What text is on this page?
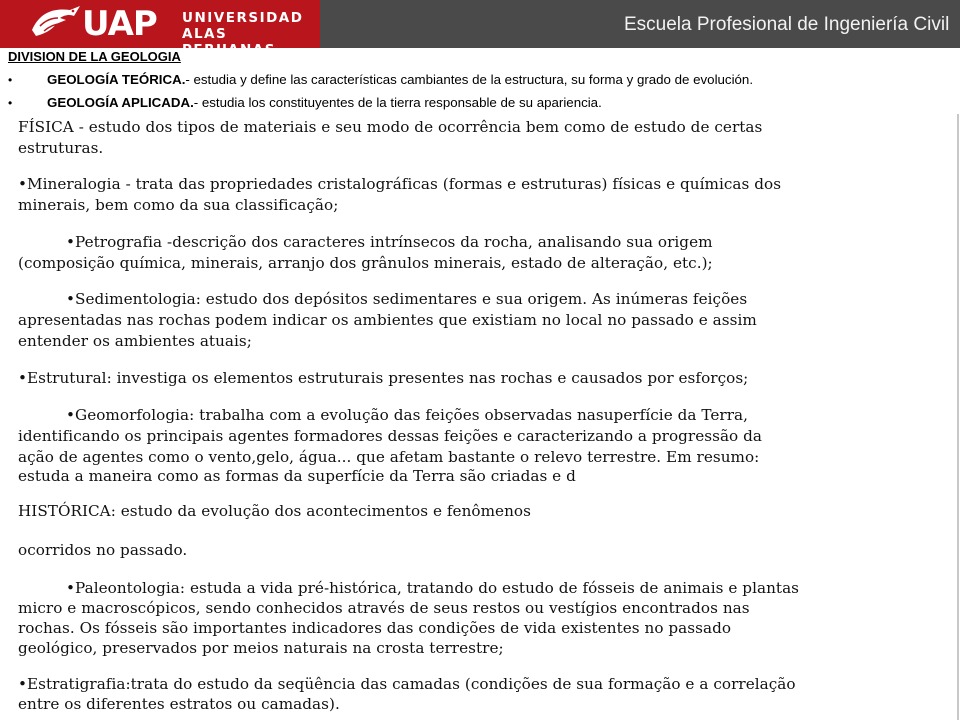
UAP UNIVERSIDAD
ALAS PERUANAS
Escuela Profesional de Ingeniería Civil
DIVISION DE LA GEOLOGIA
•	GEOLOGÍA TEÓRICA.- estudia y define las características cambiantes de la estructura, su forma y grado de evolución.
•	GEOLOGÍA APLICADA.- estudia los constituyentes de la tierra responsable de su apariencia.
FÍSICA - estudo dos tipos de materiais e seu modo de ocorrência bem como de estudo de certas
estruturas.
•Mineralogia - trata das propriedades cristalográficas (formas e estruturas) físicas e químicas dos
minerais, bem como da sua classificação;
•Petrografia -descrição dos caracteres intrínsecos da rocha, analisando sua origem
(composição química, minerais, arranjo dos grânulos minerais, estado de alteração, etc.);
•Sedimentologia: estudo dos depósitos sedimentares e sua origem. As inúmeras feições
apresentadas nas rochas podem indicar os ambientes que existiam no local no passado e assim
entender os ambientes atuais;
•Estrutural: investiga os elementos estruturais presentes nas rochas e causados por esforços;
•Geomorfologia: trabalha com a evolução das feições observadas nasuperfície da Terra,
identificando os principais agentes formadores dessas feições e caracterizando a progressão da
ação de agentes como o vento,gelo, água... que afetam bastante o relevo terrestre. Em resumo:
estuda a maneira como as formas da superfície da Terra são criadas e d
HISTÓRICA: estudo da evolução dos acontecimentos e fenômenos
ocorridos no passado.
•Paleontologia: estuda a vida pré-histórica, tratando do estudo de fósseis de animais e plantas
micro e macroscópicos, sendo conhecidos através de seus restos ou vestígios encontrados nas
rochas. Os fósseis são importantes indicadores das condições de vida existentes no passado
geológico, preservados por meios naturais na crosta terrestre;
•Estratigrafia:trata do estudo da seqüência das camadas (condições de sua formação e a correlação
entre os diferentes estratos ou camadas).
